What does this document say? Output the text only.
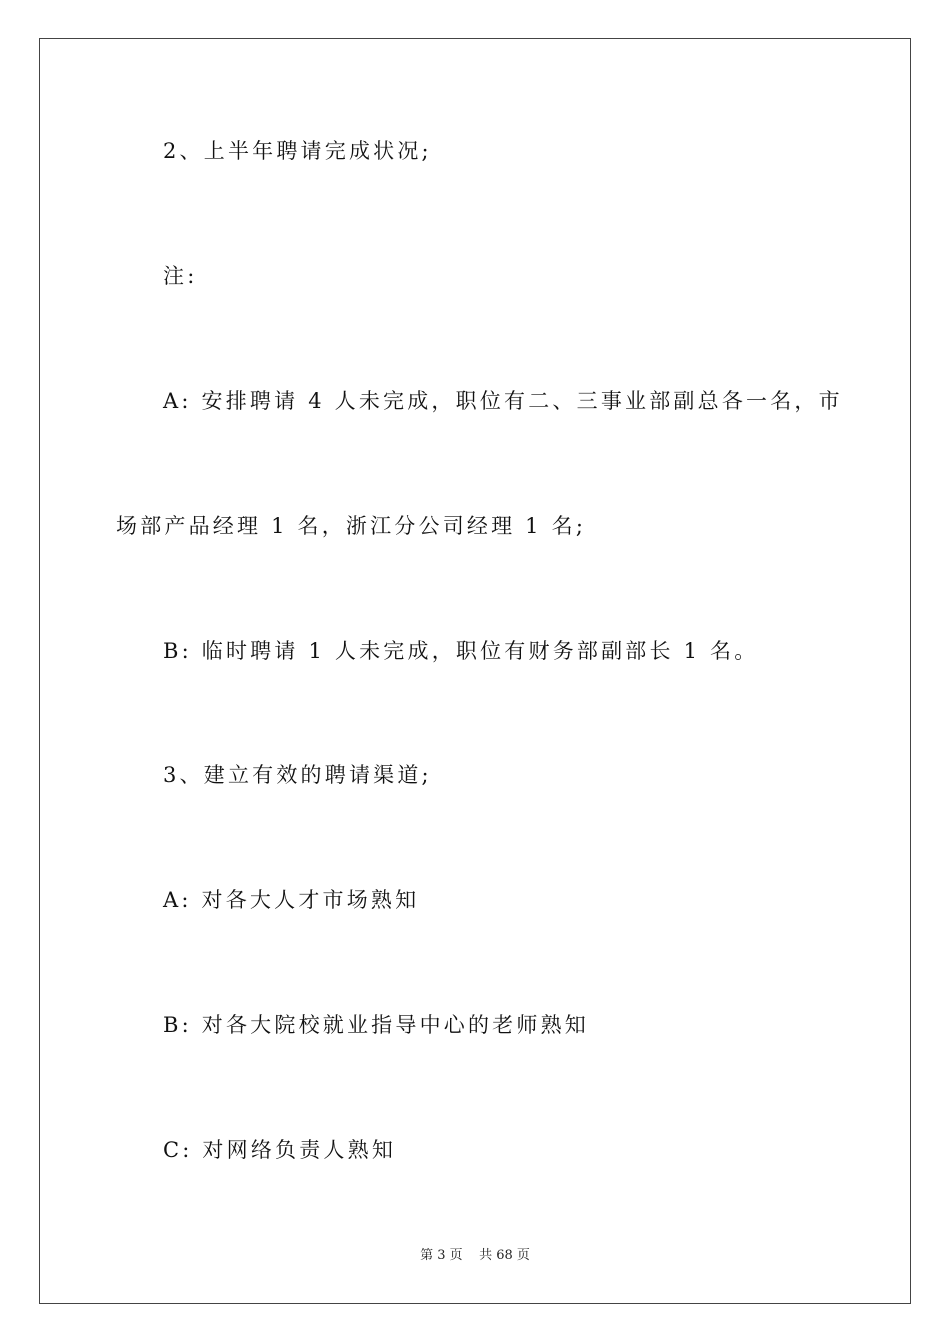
2、上半年聘请完成状况;

注:

A: 安排聘请 4 人未完成，职位有二、三事业部副总各一名，市

场部产品经理 1 名，浙江分公司经理 1 名;

B: 临时聘请 1 人未完成，职位有财务部副部长 1 名。

3、建立有效的聘请渠道;

A: 对各大人才市场熟知

B: 对各大院校就业指导中心的老师熟知

C: 对网络负责人熟知

第 3 页    共 68 页
